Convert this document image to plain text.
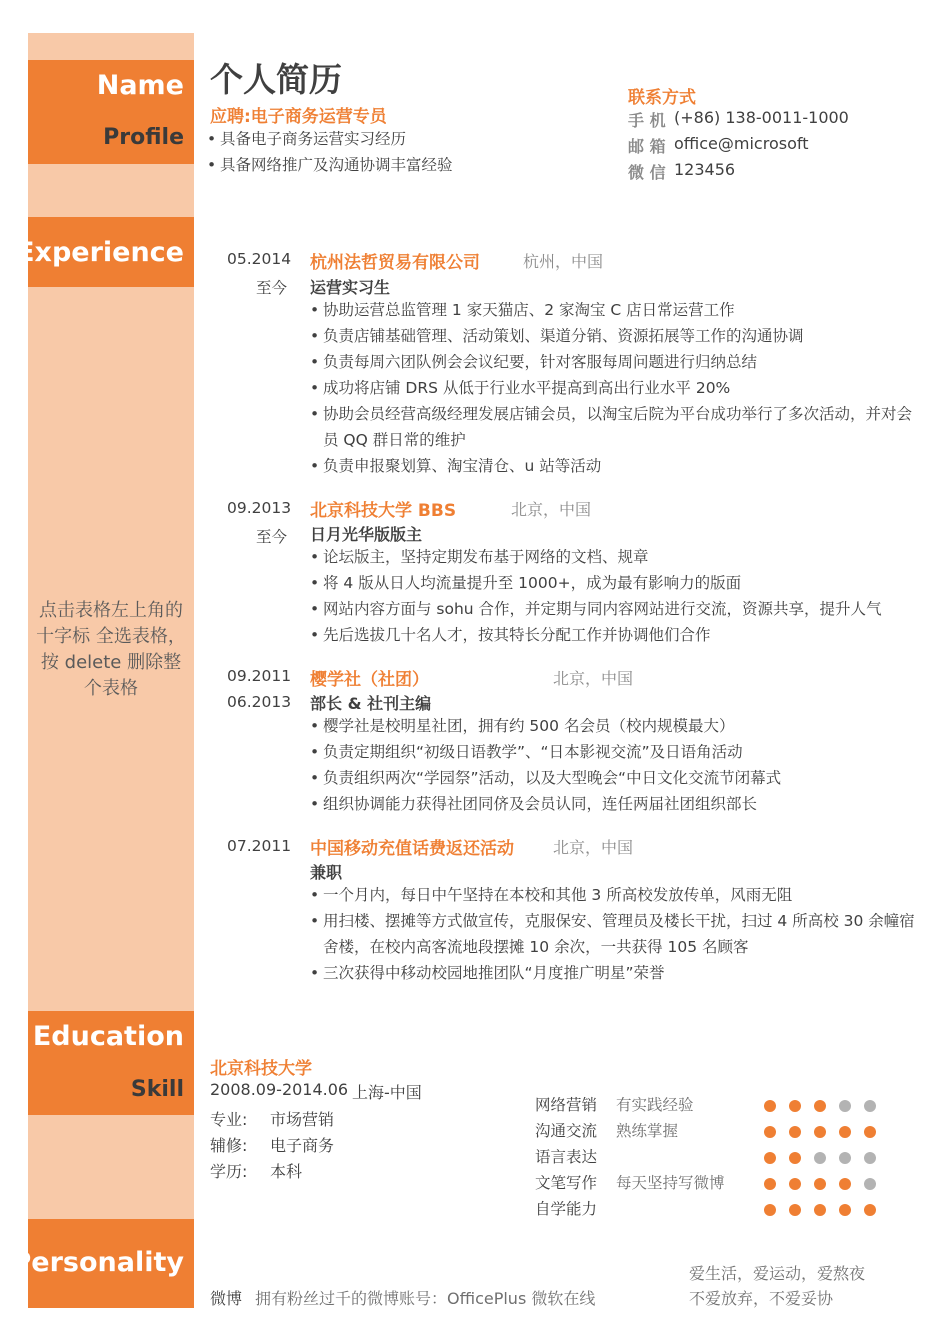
Name
Profile
Experience
点击表格左上角的 十字标 全选表格，按 delete 删除整个表格
Education
Skill
Personality
个人简历
应聘:电子商务运营专员
• 具备电子商务运营实习经历
• 具备网络推广及沟通协调丰富经验
联系方式
手 机 (+86) 138-0011-1000
邮 箱 office@microsoft
微 信 123456
05.2014
至今
杭州法哲贸易有限公司	杭州，中国
运营实习生
• 协助运营总监管理 1 家天猫店、2 家淘宝 C 店日常运营工作
• 负责店铺基础管理、活动策划、渠道分销、资源拓展等工作的沟通协调
• 负责每周六团队例会会议纪要，针对客服每周问题进行归纳总结
• 成功将店铺 DRS 从低于行业水平提高到高出行业水平 20%
• 协助会员经营高级经理发展店铺会员，以淘宝后院为平台成功举行了多次活动，并对会员 QQ 群日常的维护
• 负责申报聚划算、淘宝清仓、u 站等活动
09.2013
至今
北京科技大学 BBS	北京，中国
日月光华版版主
• 论坛版主，坚持定期发布基于网络的文档、规章
• 将 4 版从日人均流量提升至 1000+，成为最有影响力的版面
• 网站内容方面与 sohu 合作，并定期与同内容网站进行交流，资源共享，提升人气
• 先后选拔几十名人才，按其特长分配工作并协调他们合作
09.2011
06.2013
樱学社（社团）	北京，中国
部长 & 社刊主编
• 樱学社是校明星社团，拥有约 500 名会员（校内规模最大）
• 负责定期组织“初级日语教学”、“日本影视交流”及日语角活动
• 负责组织两次“学园祭”活动，以及大型晚会“中日文化交流节闭幕式
• 组织协调能力获得社团同侪及会员认同，连任两届社团组织部长
07.2011 中国移动充值话费返还活动 北京，中国
兼职
• 一个月内，每日中午坚持在本校和其他 3 所高校发放传单，风雨无阻
• 用扫楼、摆摊等方式做宣传，克服保安、管理员及楼长干扰，扫过 4 所高校 30 余幢宿舍楼，在校内高客流地段摆摊 10 余次，一共获得 105 名顾客
• 三次获得中移动校园地推团队“月度推广明星”荣誉
北京科技大学
2008.09-2014.06 上海-中国
专业: 市场营销
辅修: 电子商务
学历: 本科
网络营销 有实践经验
沟通交流 熟练掌握
语言表达
文笔写作 每天坚持写微博
自学能力
微博 拥有粉丝过千的微博账号：OfficePlus 微软在线
爱生活，爱运动，爱熬夜
不爱放弃，不爱妥协
